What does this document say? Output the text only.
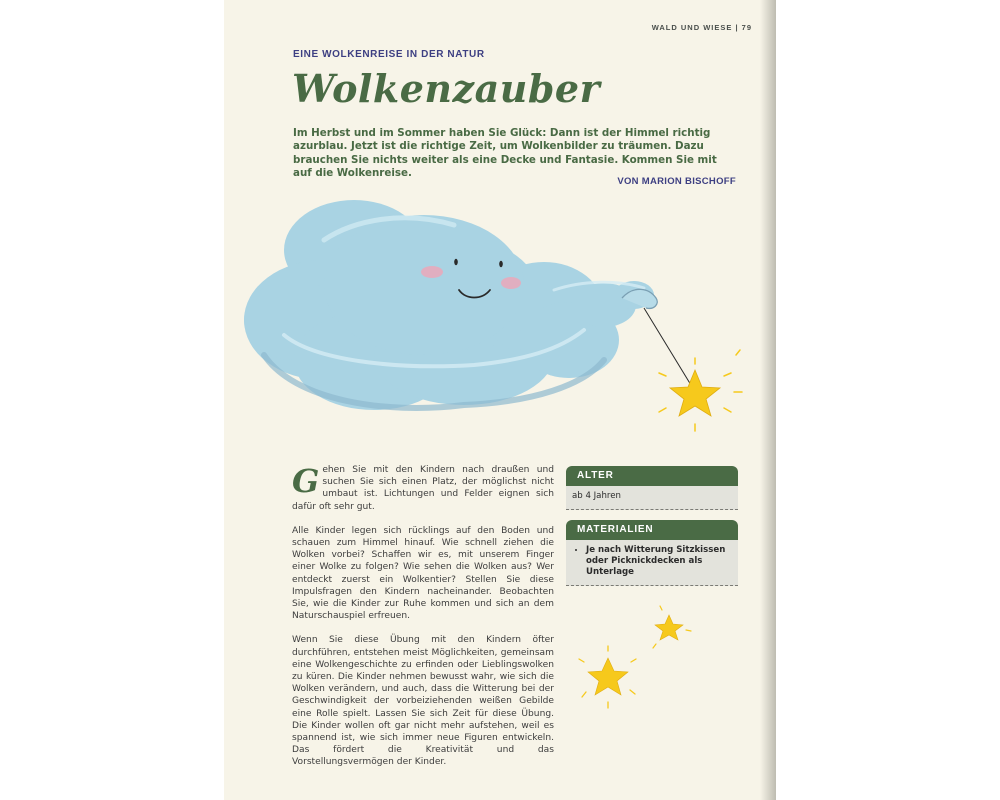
WALD UND WIESE | 79
EINE WOLKENREISE IN DER NATUR
Wolkenzauber

Im Herbst und im Sommer haben Sie Glück: Dann ist der Himmel richtig azurblau. Jetzt ist die richtige Zeit, um Wolkenbilder zu träumen. Dazu brauchen Sie nichts weiter als eine Decke und Fantasie. Kommen Sie mit auf die Wolkenreise.

VON MARION BISCHOFF

Gehen Sie mit den Kindern nach draußen und suchen Sie sich einen Platz, der möglichst nicht umbaut ist. Lichtungen und Felder eignen sich dafür oft sehr gut.

Alle Kinder legen sich rücklings auf den Boden und schauen zum Himmel hinauf. Wie schnell ziehen die Wolken vorbei? Schaffen wir es, mit unserem Finger einer Wolke zu folgen? Wie sehen die Wolken aus? Wer entdeckt zuerst ein Wolkentier? Stellen Sie diese Impulsfragen den Kindern nacheinander. Beobachten Sie, wie die Kinder zur Ruhe kommen und sich an dem Naturschauspiel erfreuen.

Wenn Sie diese Übung mit den Kindern öfter durchführen, entstehen meist Möglichkeiten, gemeinsam eine Wolkengeschichte zu erfinden oder Lieblingswolken zu küren. Die Kinder nehmen bewusst wahr, wie sich die Wolken verändern, und auch, dass die Witterung bei der Geschwindigkeit der vorbeiziehenden weißen Gebilde eine Rolle spielt. Lassen Sie sich Zeit für diese Übung. Die Kinder wollen oft gar nicht mehr aufstehen, weil es spannend ist, wie sich immer neue Figuren entwickeln. Das fördert die Kreativität und das Vorstellungsvermögen der Kinder.

ALTER
ab 4 Jahren
MATERIALIEN
• Je nach Witterung Sitzkissen oder Picknickdecken als Unterlage
